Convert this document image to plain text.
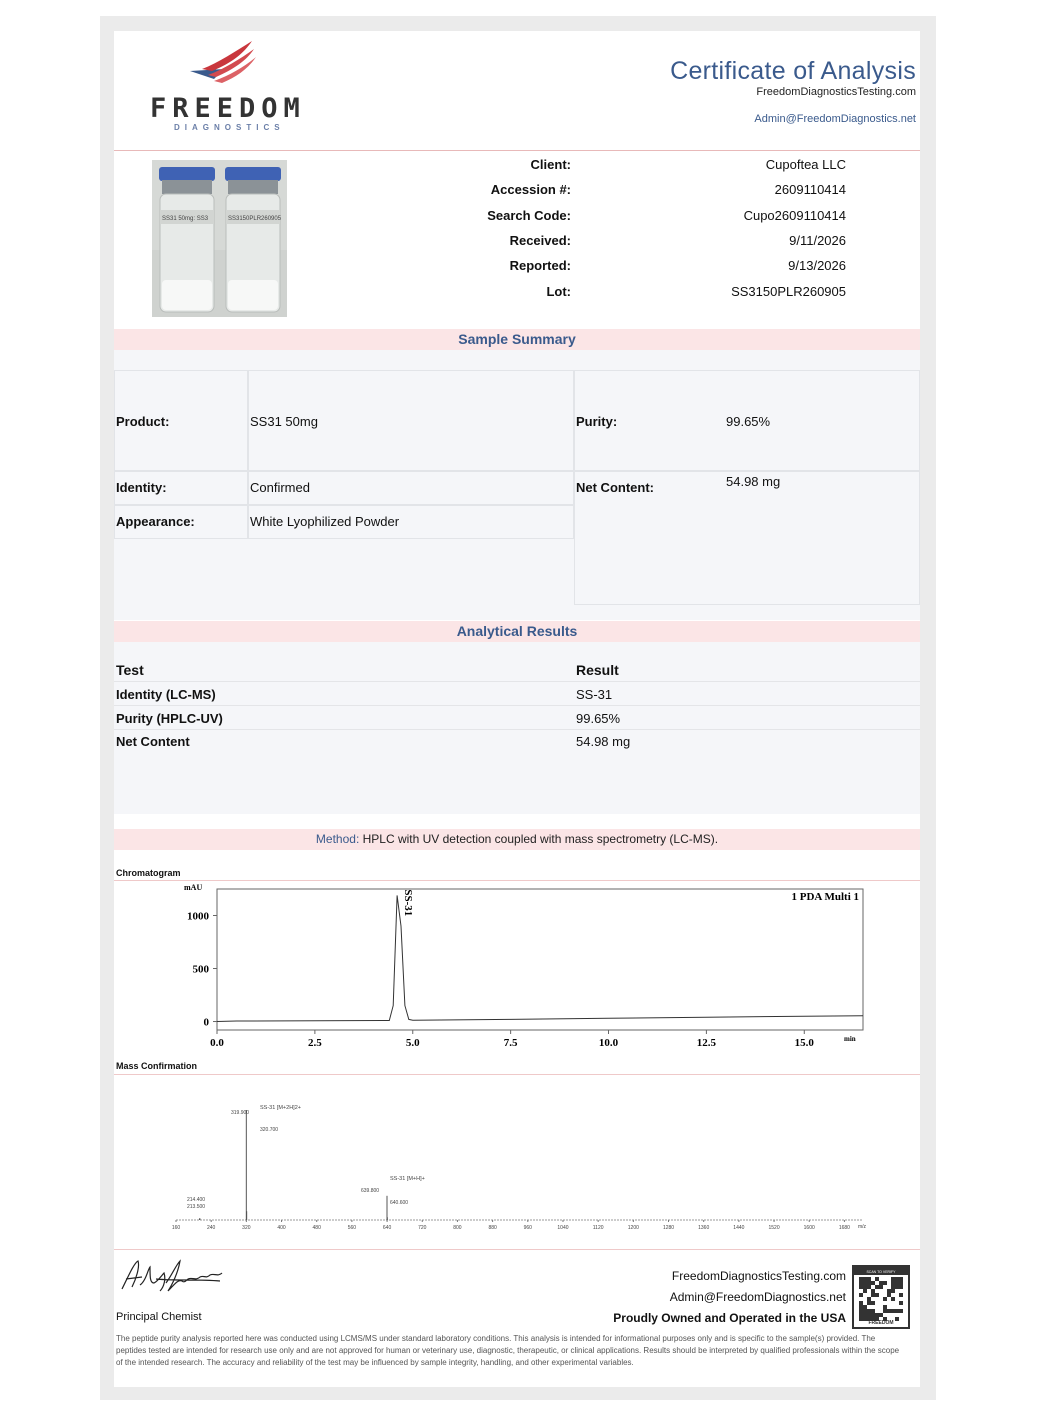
FREEDOM
DIAGNOSTICS
Certificate of Analysis
FreedomDiagnosticsTesting.com
Admin@FreedomDiagnostics.net
SS31 50mg: SS3	SS3150PLR260905
Client:	Cupoftea LLC
Accession #:	2609110414
Search Code:	Cupo2609110414
Received:	9/11/2026
Reported:	9/13/2026
Lot:	SS3150PLR260905
Sample Summary
Product:	SS31 50mg	Purity:	99.65%
Identity:	Confirmed	Net Content:	54.98 mg
Appearance:	White Lyophilized Powder
Analytical Results
Test	Result
Identity (LC-MS)	SS-31
Purity (HPLC-UV)	99.65%
Net Content	54.98 mg
Method: HPLC with UV detection coupled with mass spectrometry (LC-MS).
Chromatogram
mAU
min
1 PDA Multi 1
1000
500
0
0.0	2.5	5.0	7.5	10.0	12.5	15.0
SS-31
Mass Confirmation
160	240	320	400	480	560	640	720	800	880	960	1040	1120	1200	1280	1360	1440	1520	1600	1680 m/z
319.900
SS-31 [M+2H]2+
320.700
639.800
SS-31 [M+H]+
640.600
214.400
213.500
Principal Chemist
FreedomDiagnosticsTesting.com
Admin@FreedomDiagnostics.net
Proudly Owned and Operated in the USA
SCAN TO VERIFY
FREEDOM
The peptide purity analysis reported here was conducted using LCMS/MS under standard laboratory conditions. This analysis is intended for informational purposes only and is specific to the sample(s) provided. The peptides tested are intended for research use only and are not approved for human or veterinary use, diagnostic, therapeutic, or clinical applications. Results should be interpreted by qualified professionals within the scope of the intended research. The accuracy and reliability of the test may be influenced by sample integrity, handling, and other experimental variables.
